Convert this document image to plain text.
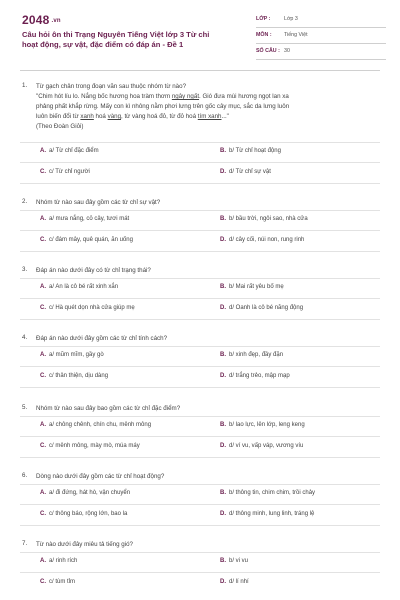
2048 .vn
Câu hỏi ôn thi Trạng Nguyên Tiếng Việt lớp 3 Từ chỉ hoạt động, sự vật, đặc điểm có đáp án - Đề 1
LỚP :	Lớp 3
MÔN : Tiếng Việt
SỐ CÂU : 30
1.	Từ gạch chân trong đoạn văn sau thuộc nhóm từ nào?
"Chim hót líu lo. Nắng bốc hương hoa tràm thơm ngây ngất. Gió đưa mùi hương ngọt lan xa
phảng phất khắp rừng. Mấy con kì nhông nằm phơi lưng trên gốc cây mục, sắc da lưng luôn
luôn biến đổi từ xanh hoá vàng, từ vàng hoá đỏ, từ đỏ hoá tím xanh..."
(Theo Đoàn Giỏi)
A. a/ Từ chỉ đặc điểm	B. b/ Từ chỉ hoạt động
C. c/ Từ chỉ người	D. d/ Từ chỉ sự vật
2.	Nhóm từ nào sau đây gồm các từ chỉ sự vật?
A. a/ mưa nắng, cỏ cây, tươi mát	B. b/ bầu trời, ngôi sao, nhà cửa
C. c/ đám mây, quê quán, ăn uống	D. d/ cây cối, núi non, rung rinh
3.	Đáp án nào dưới đây có từ chỉ trạng thái?
A. a/ An là cô bé rất xinh xắn	B. b/ Mai rất yêu bố mẹ
C. c/ Hà quét dọn nhà cửa giúp mẹ	D. d/ Oanh là cô bé năng động
4.	Đáp án nào dưới đây gồm các từ chỉ tính cách?
A. a/ mũm mĩm, gầy gò	B. b/ xinh đẹp, đầy đặn
C. c/ thân thiện, dịu dàng	D. d/ trắng trẻo, mập mạp
5.	Nhóm từ nào sau đây bao gồm các từ chỉ đặc điểm?
A. a/ chông chênh, chín chu, mênh mông	B. b/ lao lực, lên lớp, leng keng
C. c/ mênh mông, mày mò, múa máy	D. d/ ví vu, vấp váp, vương víu
6.	Dòng nào dưới đây gồm các từ chỉ hoạt động?
A. a/ đi đứng, hát hò, vận chuyển	B. b/ thông tin, chim chim, trồi chảy
C. c/ thông báo, rộng lớn, bao la	D. d/ thông minh, lung linh, tráng lệ
7.	Từ nào dưới đây miêu tả tiếng gió?
A. a/ rinh rích	B. b/ vi vu
C. c/ tùm tỉm	D. d/ lí nhí
